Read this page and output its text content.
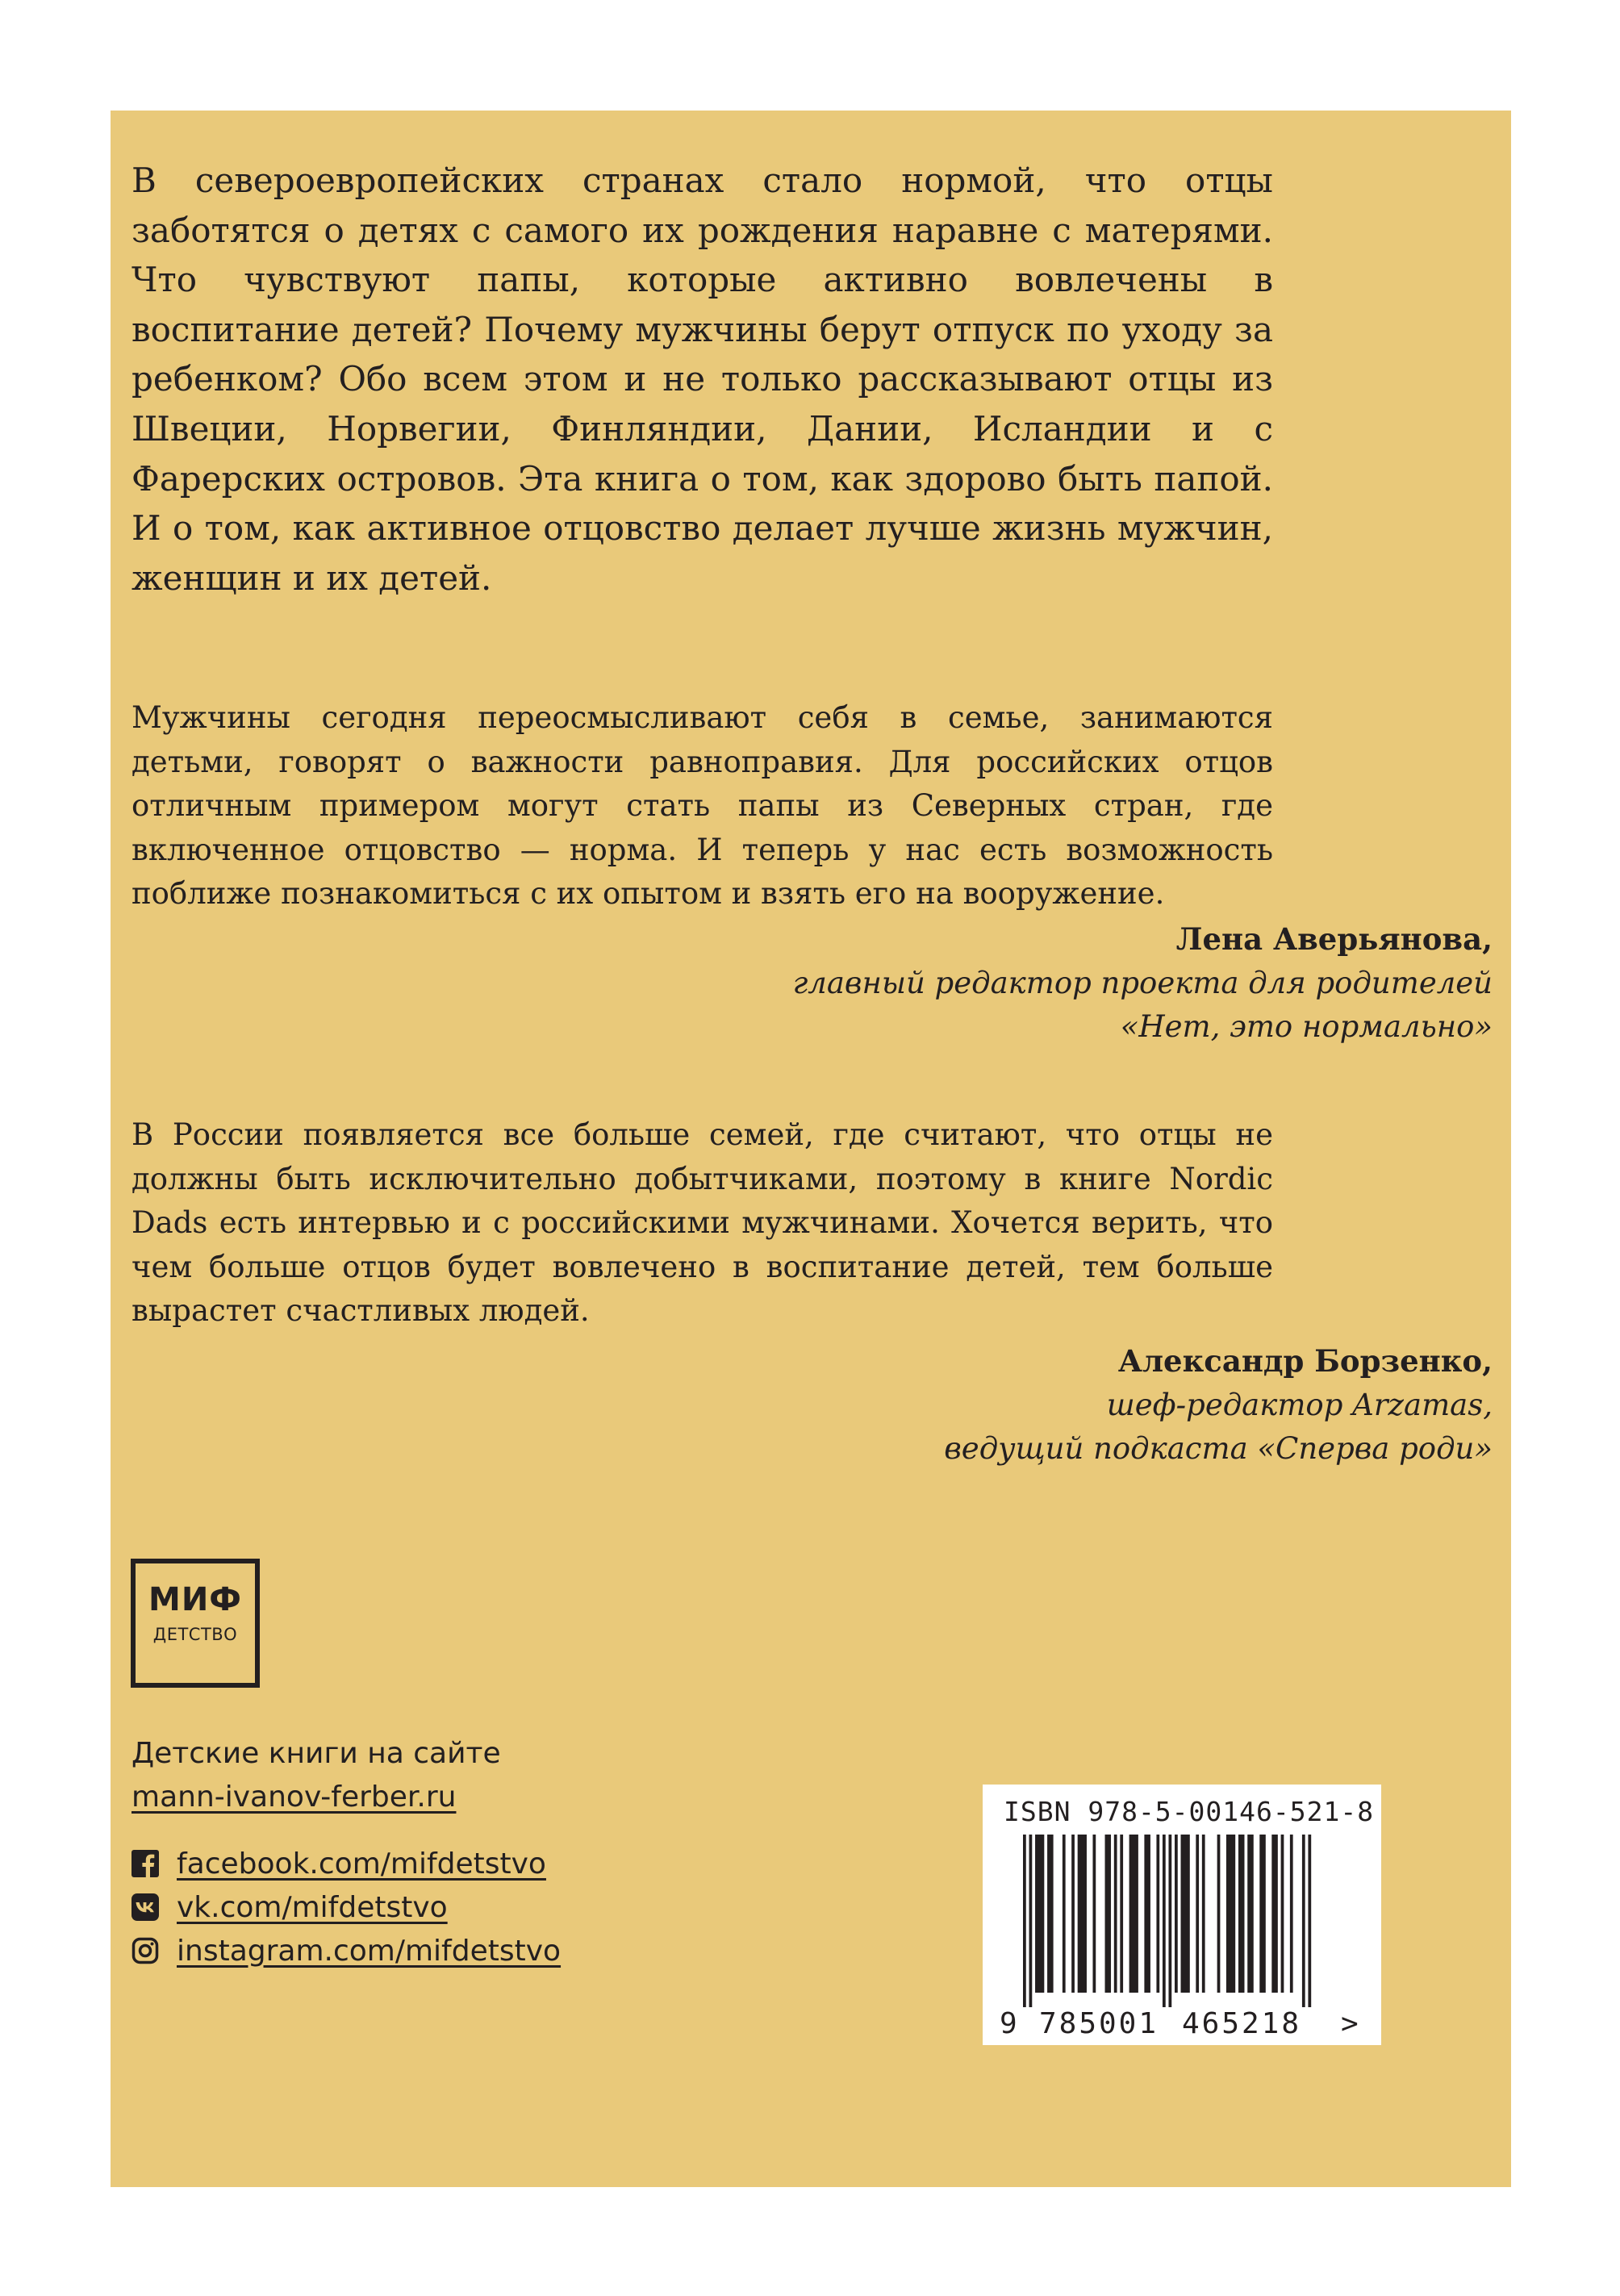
В североевропейских странах стало нормой, что отцы заботятся о детях с самого их рождения наравне с матерями. Что чувствуют папы, которые активно вовлечены в воспитание детей? Почему мужчины берут отпуск по уходу за ребенком? Обо всем этом и не только рассказывают отцы из Швеции, Норвегии, Финляндии, Дании, Исландии и с Фарерских островов. Эта книга о том, как здорово быть папой. И о том, как активное отцовство делает лучше жизнь мужчин, женщин и их детей.

Мужчины сегодня переосмысливают себя в семье, занимаются детьми, говорят о важности равноправия. Для российских отцов отличным примером могут стать папы из Северных стран, где включенное отцовство — норма. И теперь у нас есть возможность поближе познакомиться с их опытом и взять его на вооружение.

Лена Аверьянова,
главный редактор проекта для родителей
«Нет, это нормально»

В России появляется все больше семей, где считают, что отцы не должны быть исключительно добытчиками, поэтому в книге Nordic Dads есть интервью и с российскими мужчинами. Хочется верить, что чем больше отцов будет вовлечено в воспитание детей, тем больше вырастет счастливых людей.

Александр Борзенко,
шеф-редактор Arzamas,
ведущий подкаста «Сперва роди»
МИФ
ДЕТСТВО
Детские книги на сайте
mann-ivanov-ferber.ru
facebook.com/mifdetstvo
vk.com/mifdetstvo
instagram.com/mifdetstvo
ISBN 978-5-00146-521-8
9 785001 465218 >
